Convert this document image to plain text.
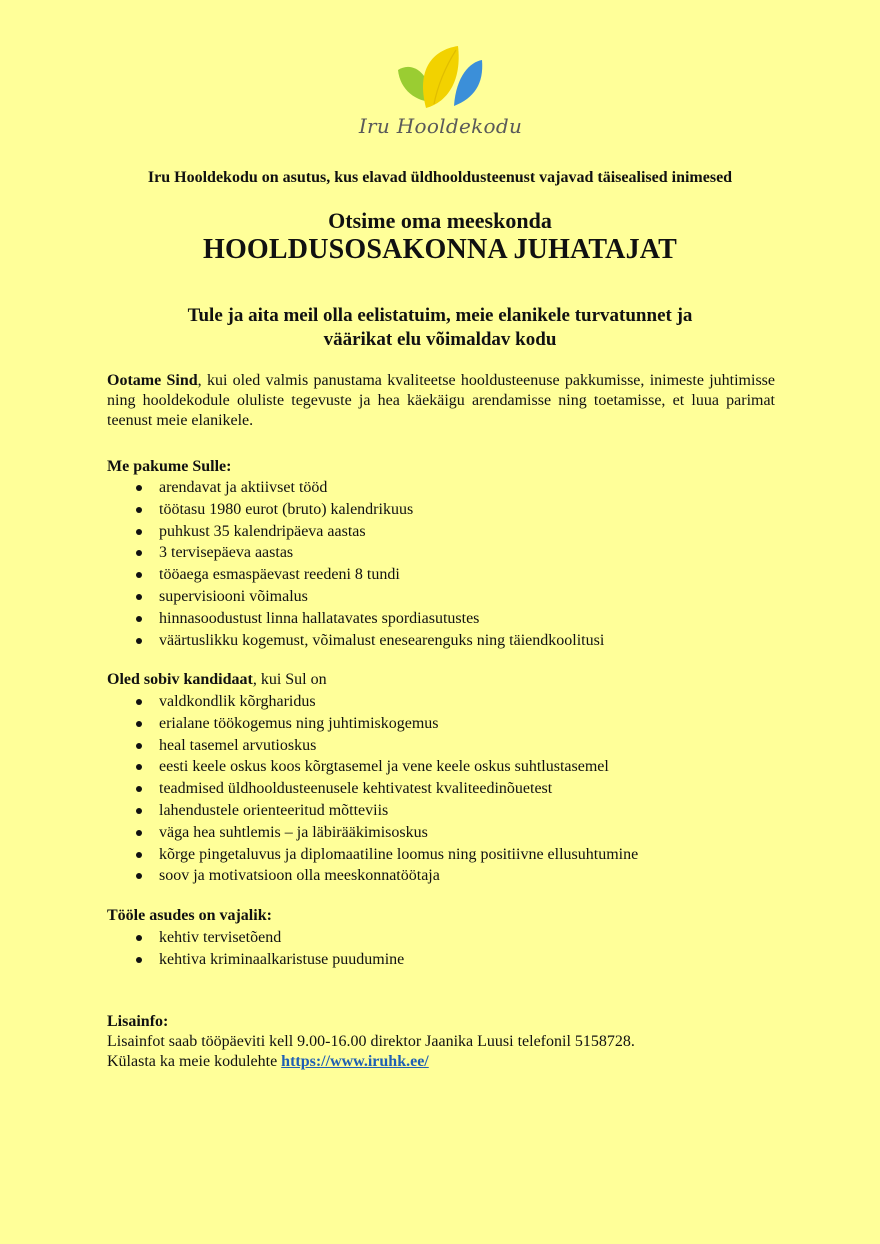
Iru Hooldekodu
Iru Hooldekodu on asutus, kus elavad üldhooldusteenust vajavad täisealised inimesed
Otsime oma meeskonda
HOOLDUSOSAKONNA JUHATAJAT
Tule ja aita meil olla eelistatuim, meie elanikele turvatunnet ja
väärikat elu võimaldav kodu
Ootame Sind, kui oled valmis panustama kvaliteetse hooldusteenuse pakkumisse, inimeste juhtimisse ning hooldekodule oluliste tegevuste ja hea käekäigu arendamisse ning toetamisse, et luua parimat teenust meie elanikele.
Me pakume Sulle:
arendavat ja aktiivset tööd
töötasu 1980 eurot (bruto) kalendrikuus
puhkust 35 kalendripäeva aastas
3 tervisepäeva aastas
tööaega esmaspäevast reedeni 8 tundi
supervisiooni võimalus
hinnasoodustust linna hallatavates spordiasutustes
väärtuslikku kogemust, võimalust enesearenguks ning täiendkoolitusi
Oled sobiv kandidaat, kui Sul on
valdkondlik kõrgharidus
erialane töökogemus ning juhtimiskogemus
heal tasemel arvutioskus
eesti keele oskus koos kõrgtasemel ja vene keele oskus suhtlustasemel
teadmised üldhooldusteenusele kehtivatest kvaliteedinõuetest
lahendustele orienteeritud mõtteviis
väga hea suhtlemis – ja läbirääkimisoskus
kõrge pingetaluvus ja diplomaatiline loomus ning positiivne ellusuhtumine
soov ja motivatsioon olla meeskonnatöötaja
Tööle asudes on vajalik:
kehtiv tervisetõend
kehtiva kriminaalkaristuse puudumine
Lisainfo:
Lisainfot saab tööpäeviti kell 9.00-16.00 direktor Jaanika Luusi telefonil 5158728.
Külasta ka meie kodulehte https://www.iruhk.ee/
